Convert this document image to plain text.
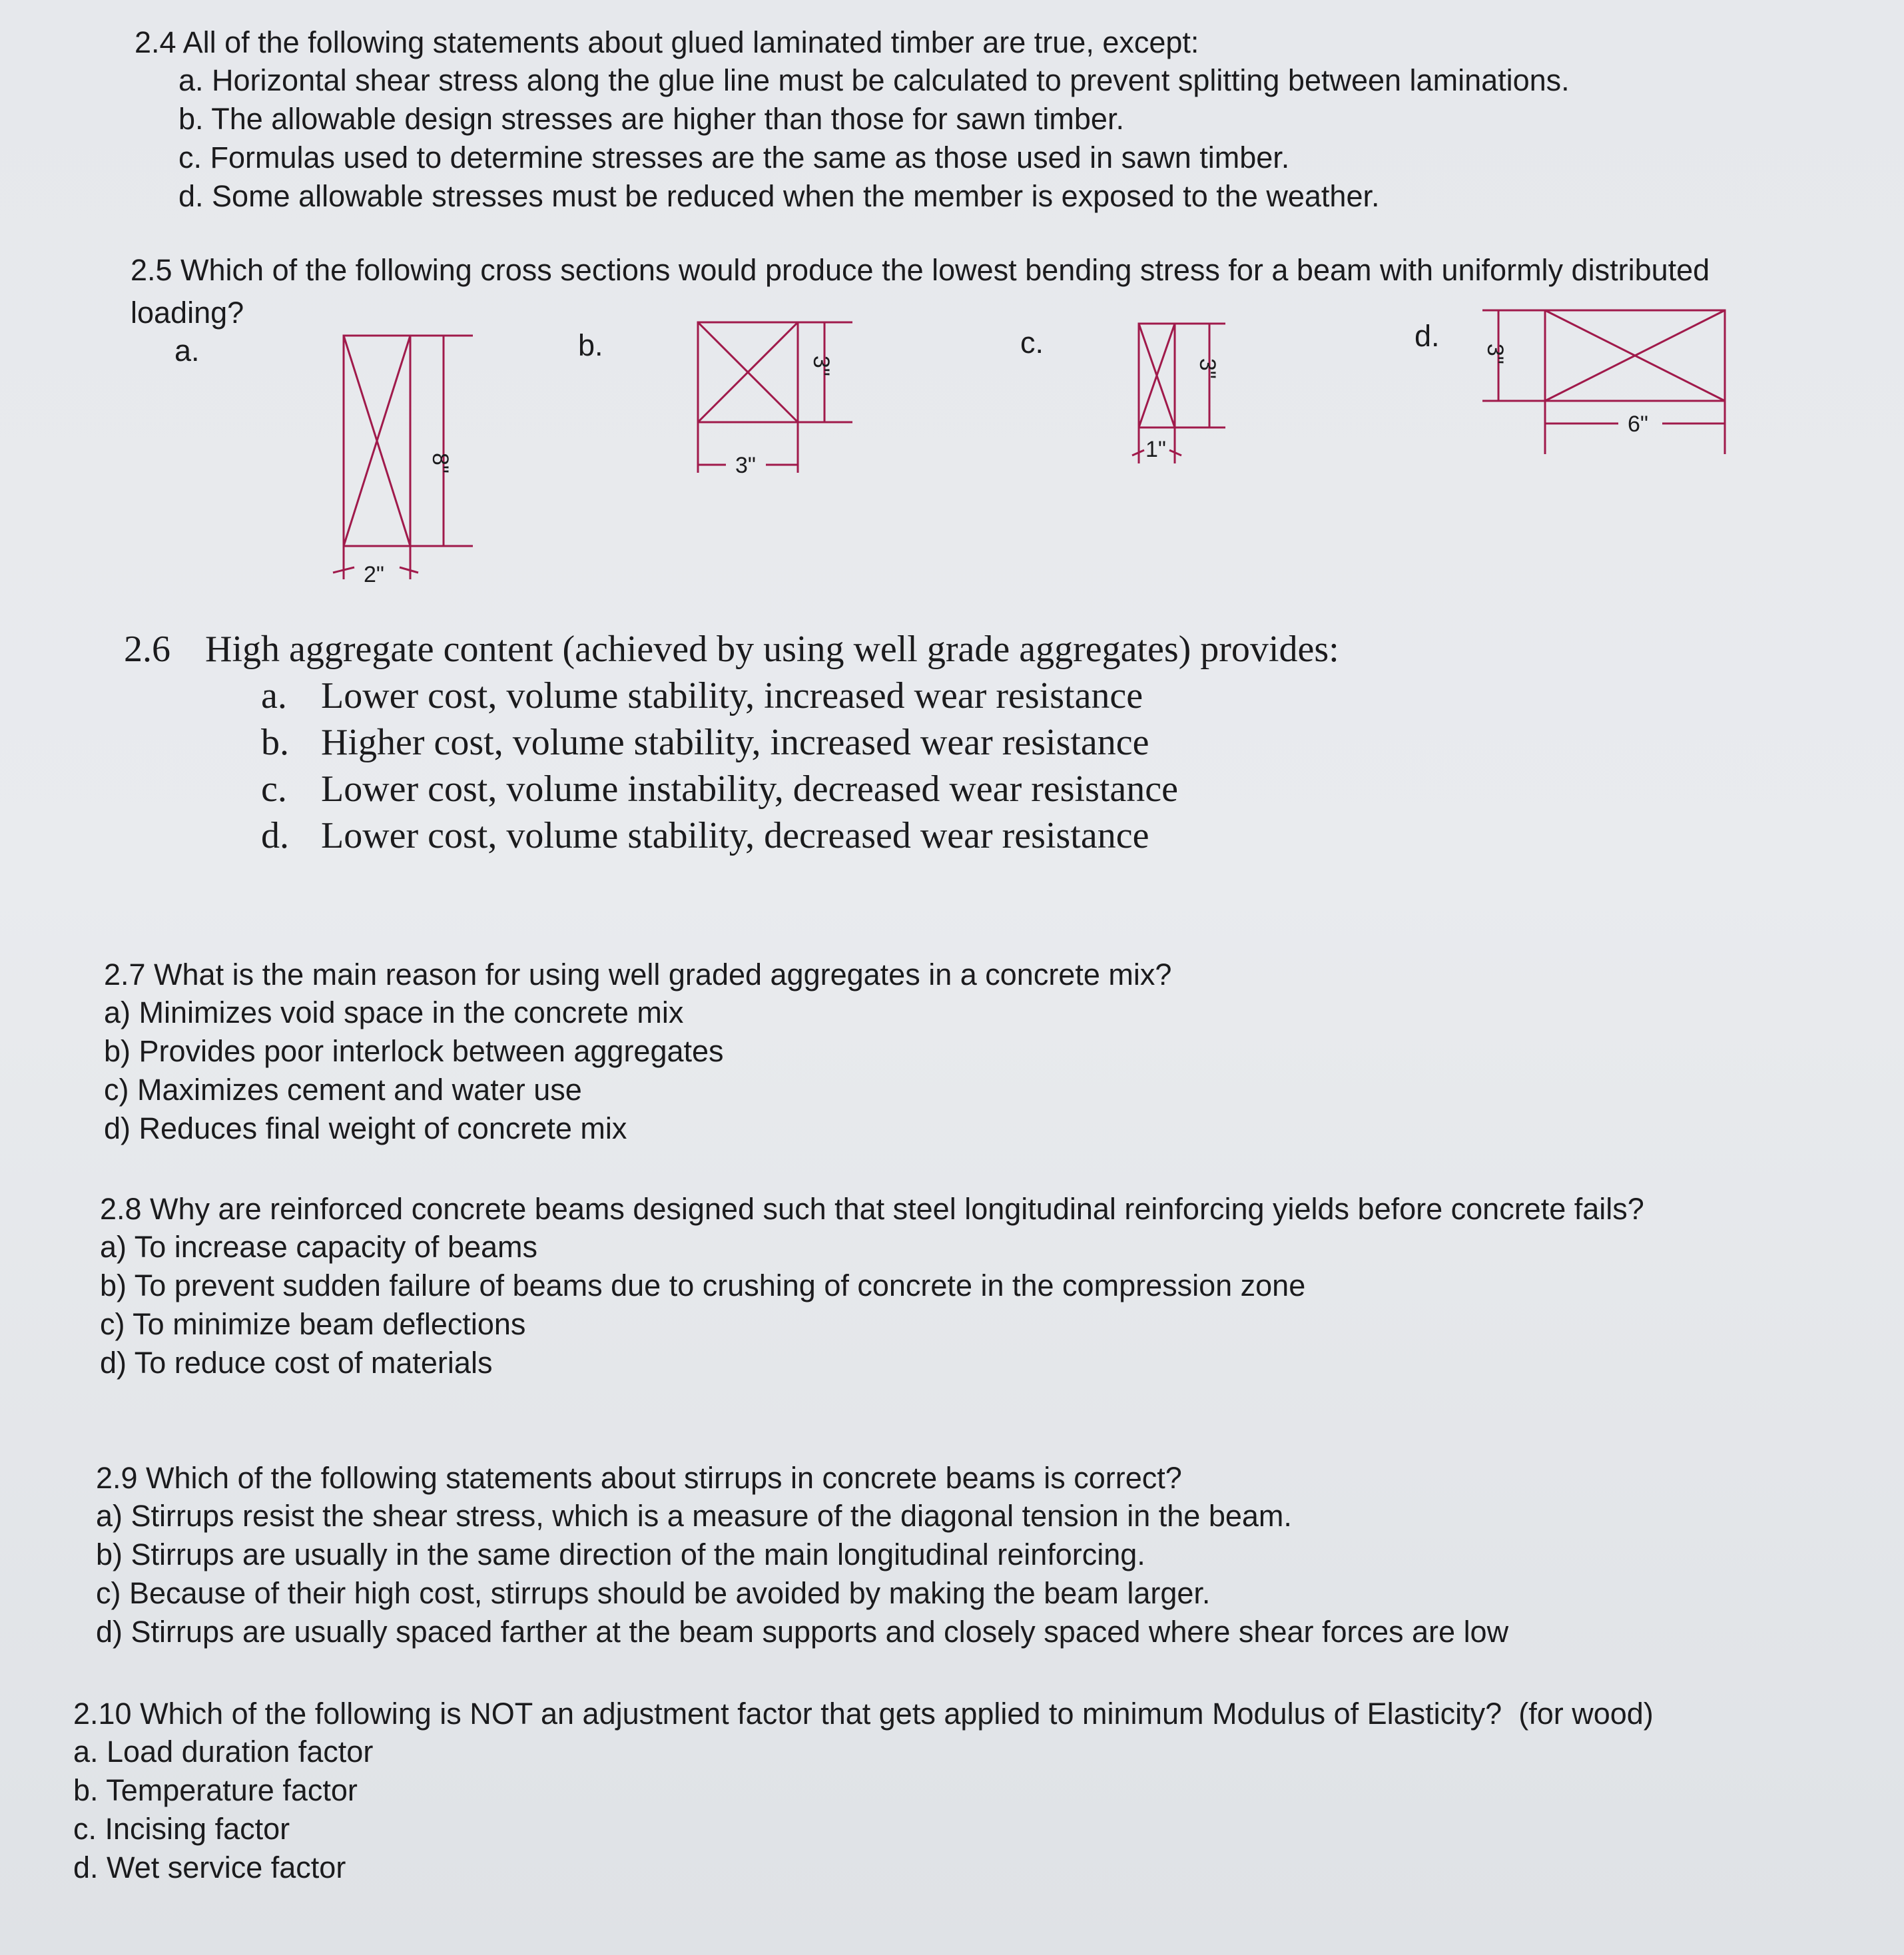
2.4 All of the following statements about glued laminated timber are true, except:
a. Horizontal shear stress along the glue line must be calculated to prevent splitting between laminations.
b. The allowable design stresses are higher than those for sawn timber.
c. Formulas used to determine stresses are the same as those used in sawn timber.
d. Some allowable stresses must be reduced when the member is exposed to the weather.
2.5 Which of the following cross sections would produce the lowest bending stress for a beam with uniformly distributed loading?
a.
8"
2"
b.
3"
3"
c.
3"
1"
d.
3"
6"
2.6 High aggregate content (achieved by using well grade aggregates) provides:
a. Lower cost, volume stability, increased wear resistance
b. Higher cost, volume stability, increased wear resistance
c. Lower cost, volume instability, decreased wear resistance
d. Lower cost, volume stability, decreased wear resistance
2.7 What is the main reason for using well graded aggregates in a concrete mix?
a) Minimizes void space in the concrete mix
b) Provides poor interlock between aggregates
c) Maximizes cement and water use
d) Reduces final weight of concrete mix
2.8 Why are reinforced concrete beams designed such that steel longitudinal reinforcing yields before concrete fails?
a) To increase capacity of beams
b) To prevent sudden failure of beams due to crushing of concrete in the compression zone
c) To minimize beam deflections
d) To reduce cost of materials
2.9 Which of the following statements about stirrups in concrete beams is correct?
a) Stirrups resist the shear stress, which is a measure of the diagonal tension in the beam.
b) Stirrups are usually in the same direction of the main longitudinal reinforcing.
c) Because of their high cost, stirrups should be avoided by making the beam larger.
d) Stirrups are usually spaced farther at the beam supports and closely spaced where shear forces are low
2.10 Which of the following is NOT an adjustment factor that gets applied to minimum Modulus of Elasticity? (for wood)
a. Load duration factor
b. Temperature factor
c. Incising factor
d. Wet service factor
